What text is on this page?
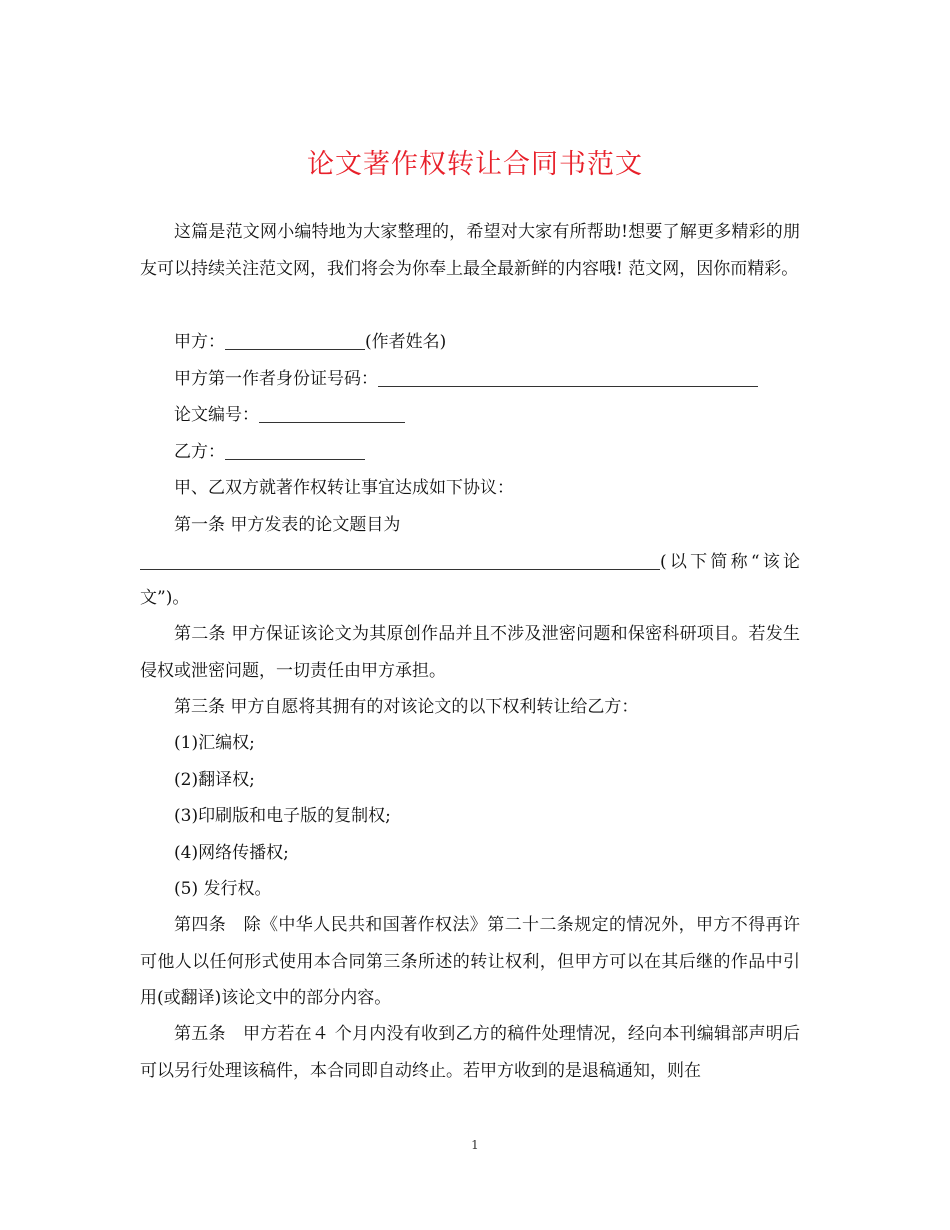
论文著作权转让合同书范文

这篇是范文网小编特地为大家整理的，希望对大家有所帮助!想要了解更多精彩的朋友可以持续关注范文网，我们将会为你奉上最全最新鲜的内容哦! 范文网，因你而精彩。

甲方：	(作者姓名)

甲方第一作者身份证号码：

论文编号：

乙方：

甲、乙双方就著作权转让事宜达成如下协议：

第一条 甲方发表的论文题目为

(以下简称“该论文”)。

第二条 甲方保证该论文为其原创作品并且不涉及泄密问题和保密科研项目。若发生侵权或泄密问题，一切责任由甲方承担。

第三条 甲方自愿将其拥有的对该论文的以下权利转让给乙方：

(1)汇编权;

(2)翻译权;

(3)印刷版和电子版的复制权;

(4)网络传播权;

(5) 发行权。

第四条　除《中华人民共和国著作权法》第二十二条规定的情况外，甲方不得再许可他人以任何形式使用本合同第三条所述的转让权利，但甲方可以在其后继的作品中引用(或翻译)该论文中的部分内容。

第五条　甲方若在４ 个月内没有收到乙方的稿件处理情况，经向本刊编辑部声明后可以另行处理该稿件，本合同即自动终止。若甲方收到的是退稿通知，则在

1
